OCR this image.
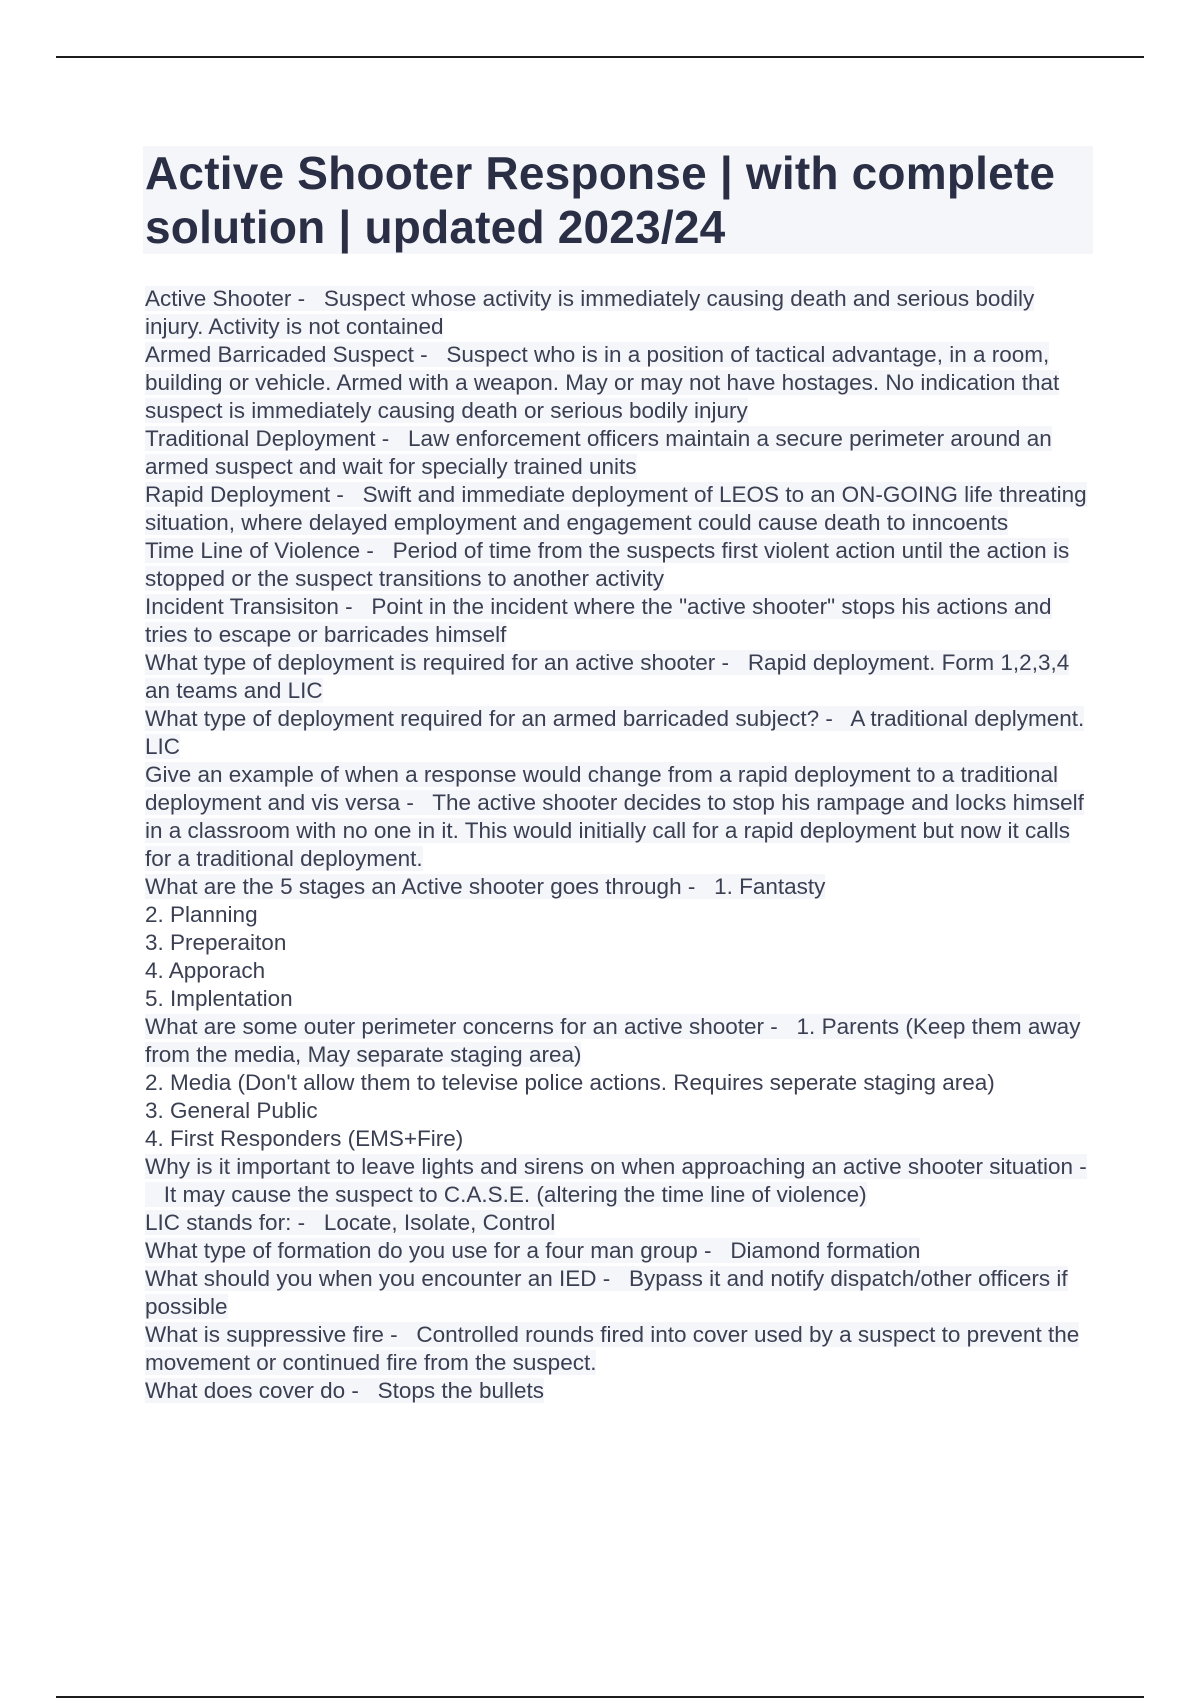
Active Shooter Response | with complete solution | updated 2023/24
Active Shooter - Suspect whose activity is immediately causing death and serious bodily injury. Activity is not contained
Armed Barricaded Suspect - Suspect who is in a position of tactical advantage, in a room, building or vehicle. Armed with a weapon. May or may not have hostages. No indication that suspect is immediately causing death or serious bodily injury
Traditional Deployment - Law enforcement officers maintain a secure perimeter around an armed suspect and wait for specially trained units
Rapid Deployment - Swift and immediate deployment of LEOS to an ON-GOING life threating situation, where delayed employment and engagement could cause death to inncoents
Time Line of Violence - Period of time from the suspects first violent action until the action is stopped or the suspect transitions to another activity
Incident Transisiton - Point in the incident where the "active shooter" stops his actions and tries to escape or barricades himself
What type of deployment is required for an active shooter - Rapid deployment. Form 1,2,3,4 an teams and LIC
What type of deployment required for an armed barricaded subject? - A traditional deplyment. LIC
Give an example of when a response would change from a rapid deployment to a traditional deployment and vis versa - The active shooter decides to stop his rampage and locks himself in a classroom with no one in it. This would initially call for a rapid deployment but now it calls for a traditional deployment.
What are the 5 stages an Active shooter goes through - 1. Fantasty
2. Planning
3. Preperaiton
4. Apporach
5. Implentation
What are some outer perimeter concerns for an active shooter - 1. Parents (Keep them away from the media, May separate staging area)
2. Media (Don't allow them to televise police actions. Requires seperate staging area)
3. General Public
4. First Responders (EMS+Fire)
Why is it important to leave lights and sirens on when approaching an active shooter situation -   It may cause the suspect to C.A.S.E. (altering the time line of violence)
LIC stands for: - Locate, Isolate, Control
What type of formation do you use for a four man group - Diamond formation
What should you when you encounter an IED - Bypass it and notify dispatch/other officers if possible
What is suppressive fire - Controlled rounds fired into cover used by a suspect to prevent the movement or continued fire from the suspect.
What does cover do - Stops the bullets
